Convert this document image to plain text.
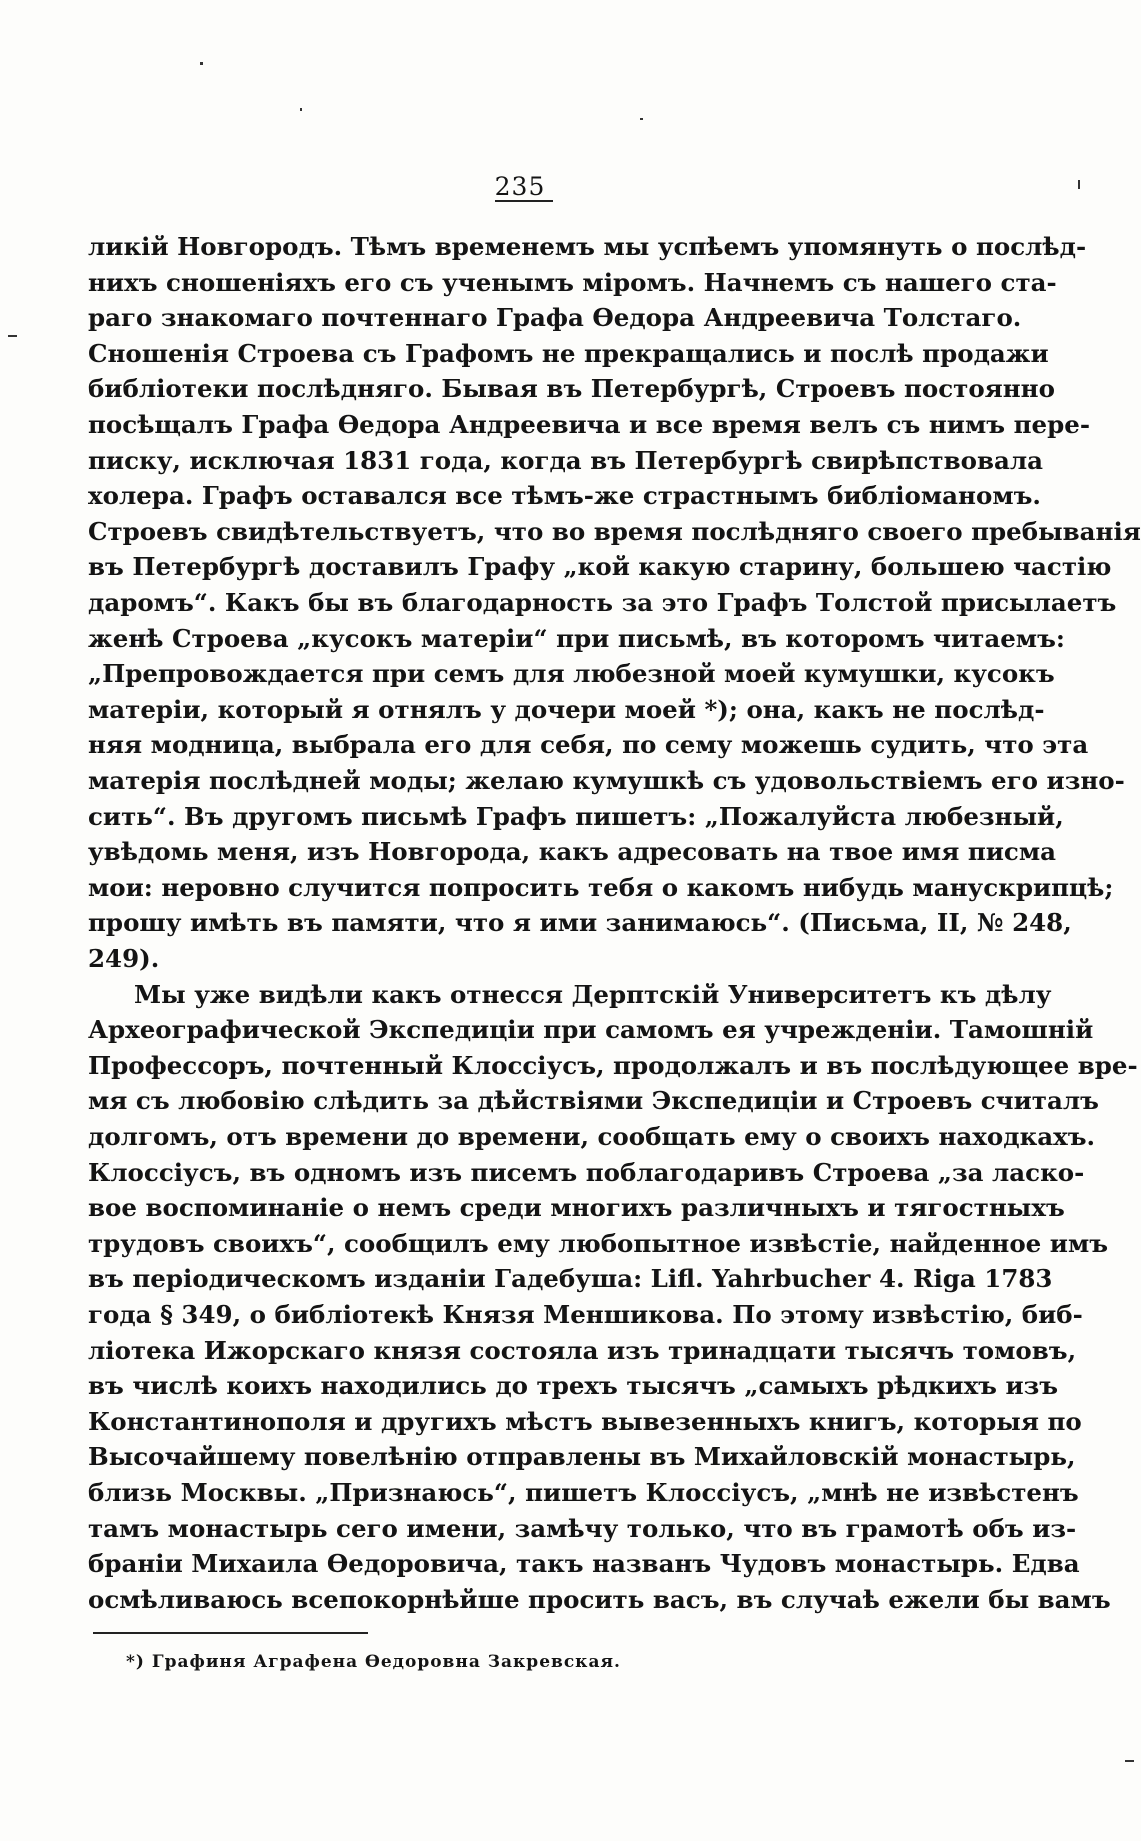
235
ликій Новгородъ. Тѣмъ временемъ мы успѣемъ упомянуть о послѣд-
нихъ сношеніяхъ его съ ученымъ міромъ. Начнемъ съ нашего ста-
раго знакомаго почтеннаго Графа Ѳедора Андреевича Толстаго.
Сношенія Строева съ Графомъ не прекращались и послѣ продажи
библіотеки послѣдняго. Бывая въ Петербургѣ, Строевъ постоянно
посѣщалъ Графа Ѳедора Андреевича и все время велъ съ нимъ пере-
писку, исключая 1831 года, когда въ Петербургѣ свирѣпствовала
холера. Графъ оставался все тѣмъ-же страстнымъ библіоманомъ.
Строевъ свидѣтельствуетъ, что во время послѣдняго своего пребыванія
въ Петербургѣ доставилъ Графу „кой какую старину, большею частію
даромъ“. Какъ бы въ благодарность за это Графъ Толстой присылаетъ
женѣ Строева „кусокъ матеріи“ при письмѣ, въ которомъ читаемъ:
„Препровождается при семъ для любезной моей кумушки, кусокъ
матеріи, который я отнялъ у дочери моей *); она, какъ не послѣд-
няя модница, выбрала его для себя, по сему можешь судить, что эта
матерія послѣдней моды; желаю кумушкѣ съ удовольствіемъ его изно-
сить“. Въ другомъ письмѣ Графъ пишетъ: „Пожалуйста любезный,
увѣдомь меня, изъ Новгорода, какъ адресовать на твое имя писма
мои: неровно случится попросить тебя о какомъ нибудь манускрипцѣ;
прошу имѣть въ памяти, что я ими занимаюсь“. (Письма, II, № 248,
249).
Мы уже видѣли какъ отнесся Дерптскій Университетъ къ дѣлу
Археографической Экспедиціи при самомъ ея учрежденіи. Тамошній
Профессоръ, почтенный Клоссіусъ, продолжалъ и въ послѣдующее вре-
мя съ любовію слѣдить за дѣйствіями Экспедиціи и Строевъ считалъ
долгомъ, отъ времени до времени, сообщать ему о своихъ находкахъ.
Клоссіусъ, въ одномъ изъ писемъ поблагодаривъ Строева „за ласко-
вое воспоминаніе о немъ среди многихъ различныхъ и тягостныхъ
трудовъ своихъ“, сообщилъ ему любопытное извѣстіе, найденное имъ
въ періодическомъ изданіи Гадебуша: Lifl. Yahrbucher 4. Riga 1783
года § 349, о библіотекѣ Князя Меншикова. По этому извѣстію, биб-
ліотека Ижорскаго князя состояла изъ тринадцати тысячъ томовъ,
въ числѣ коихъ находились до трехъ тысячъ „самыхъ рѣдкихъ изъ
Константинополя и другихъ мѣстъ вывезенныхъ книгъ, которыя по
Высочайшему повелѣнію отправлены въ Михайловскій монастырь,
близь Москвы. „Признаюсь“, пишетъ Клоссіусъ, „мнѣ не извѣстенъ
тамъ монастырь сего имени, замѣчу только, что въ грамотѣ объ из-
браніи Михаила Ѳедоровича, такъ названъ Чудовъ монастырь. Едва
осмѣливаюсь всепокорнѣйше просить васъ, въ случаѣ ежели бы вамъ
*) Графиня Аграфена Ѳедоровна Закревская.
